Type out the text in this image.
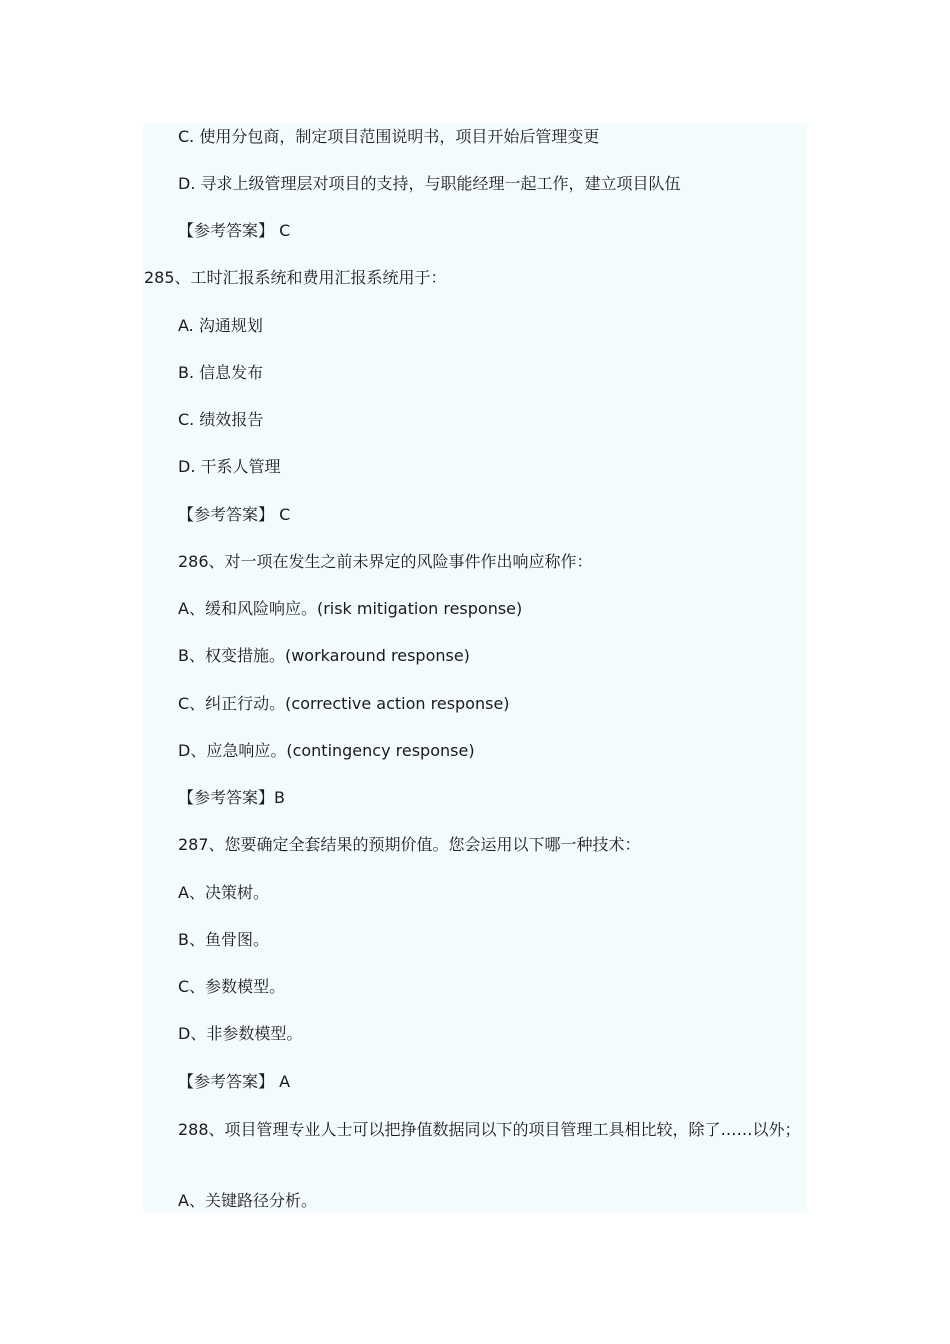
C. 使用分包商，制定项目范围说明书，项目开始后管理变更
D. 寻求上级管理层对项目的支持，与职能经理一起工作，建立项目队伍
【参考答案】 C
285、工时汇报系统和费用汇报系统用于：
A. 沟通规划
B. 信息发布
C. 绩效报告
D. 干系人管理
【参考答案】 C
286、对一项在发生之前未界定的风险事件作出响应称作：
A、缓和风险响应。(risk mitigation response)
B、权变措施。(workaround response)
C、纠正行动。(corrective action response)
D、应急响应。(contingency response)
【参考答案】B
287、您要确定全套结果的预期价值。您会运用以下哪一种技术：
A、决策树。
B、鱼骨图。
C、参数模型。
D、非参数模型。
【参考答案】 A
288、项目管理专业人士可以把挣值数据同以下的项目管理工具相比较，除了……以外；
A、关键路径分析。
